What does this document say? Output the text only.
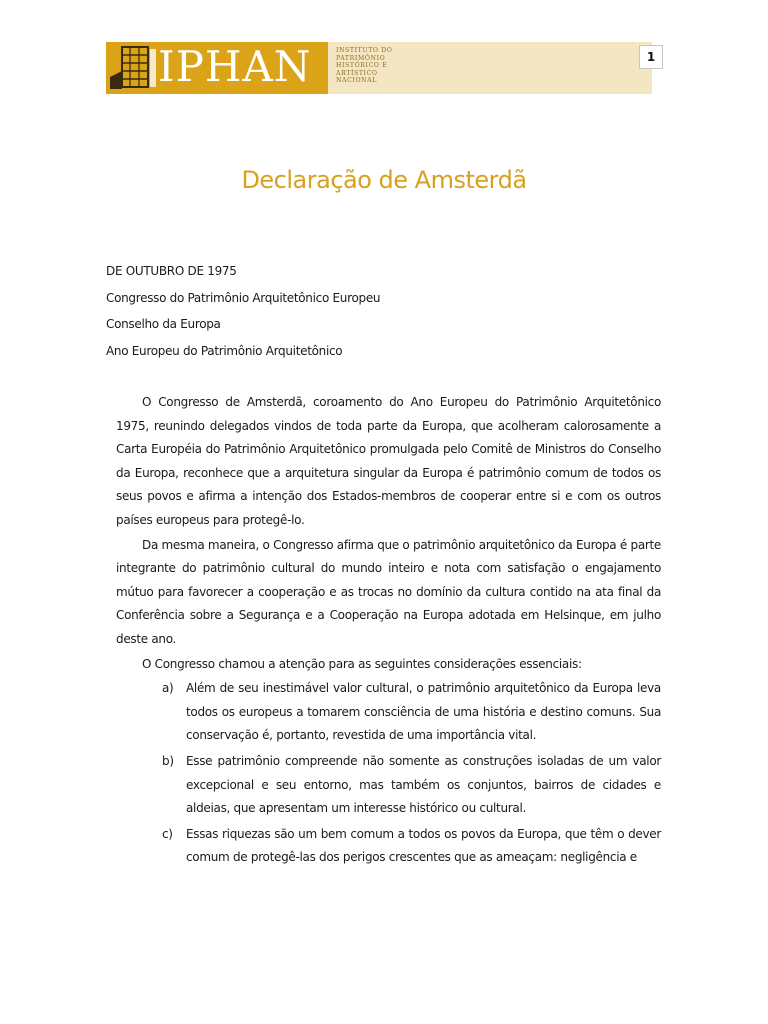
IPHAN	INSTITUTO DO
PATRIMÔNIO
HISTÓRICO E
ARTÍSTICO
NACIONAL
1
Declaração de Amsterdã
DE OUTUBRO DE 1975
Congresso do Patrimônio Arquitetônico Europeu
Conselho da Europa
Ano Europeu do Patrimônio Arquitetônico

O Congresso de Amsterdã, coroamento do Ano Europeu do Patrimônio Arquitetônico 1975, reunindo delegados vindos de toda parte da Europa, que acolheram calorosamente a Carta Européia do Patrimônio Arquitetônico promulgada pelo Comitê de Ministros do Conselho da Europa, reconhece que a arquitetura singular da Europa é patrimônio comum de todos os seus povos e afirma a intenção dos Estados-membros de cooperar entre si e com os outros países europeus para protegê-lo.

Da mesma maneira, o Congresso afirma que o patrimônio arquitetônico da Europa é parte integrante do patrimônio cultural do mundo inteiro e nota com satisfação o engajamento mútuo para favorecer a cooperação e as trocas no domínio da cultura contido na ata final da Conferência sobre a Segurança e a Cooperação na Europa adotada em Helsinque, em julho deste ano.

O Congresso chamou a atenção para as seguintes considerações essenciais:

a) Além de seu inestimável valor cultural, o patrimônio arquitetônico da Europa leva todos os europeus a tomarem consciência de uma história e destino comuns. Sua conservação é, portanto, revestida de uma importância vital.
b) Esse patrimônio compreende não somente as construções isoladas de um valor excepcional e seu entorno, mas também os conjuntos, bairros de cidades e aldeias, que apresentam um interesse histórico ou cultural.
c) Essas riquezas são um bem comum a todos os povos da Europa, que têm o dever comum de protegê-las dos perigos crescentes que as ameaçam: negligência e
